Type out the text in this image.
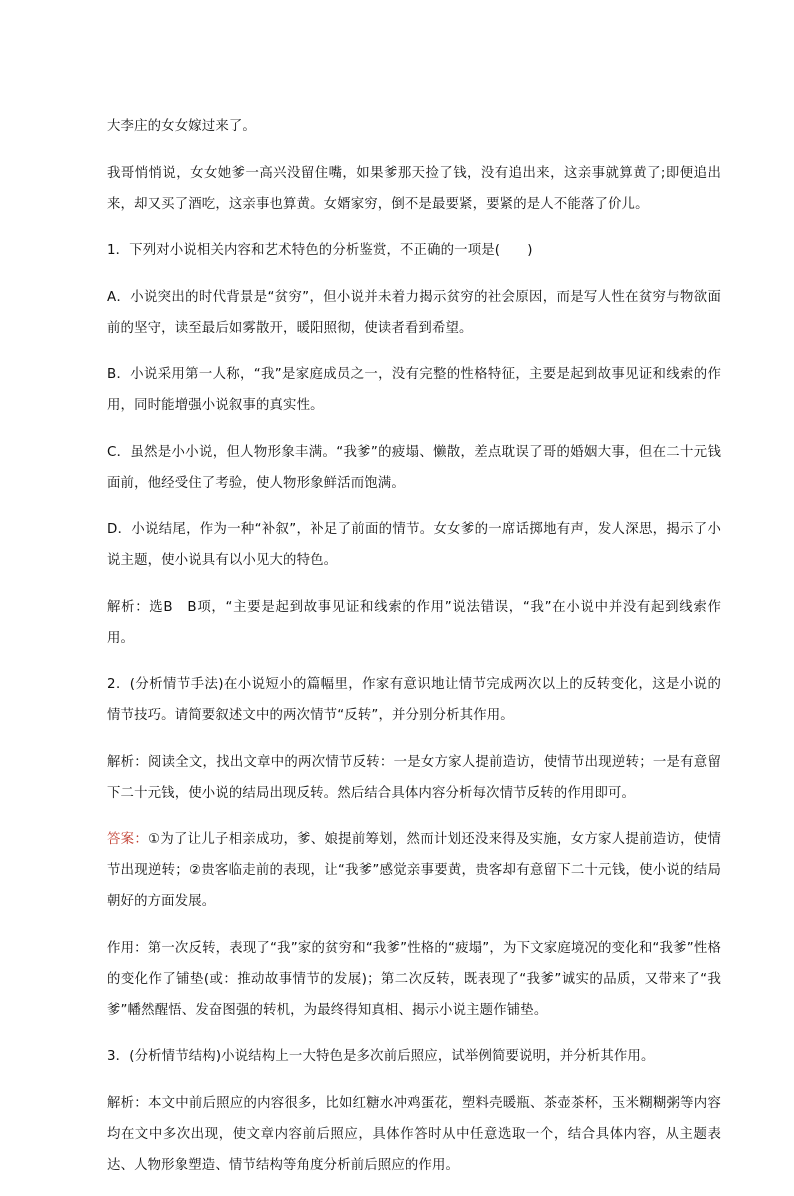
大李庄的女女嫁过来了。

我哥悄悄说，女女她爹一高兴没留住嘴，如果爹那天捡了钱，没有追出来，这亲事就算黄了;即便追出来，却又买了酒吃，这亲事也算黄。女婿家穷，倒不是最要紧，要紧的是人不能落了价儿。

1．下列对小说相关内容和艺术特色的分析鉴赏，不正确的一项是(　　)

A．小说突出的时代背景是“贫穷”，但小说并未着力揭示贫穷的社会原因，而是写人性在贫穷与物欲面前的坚守，读至最后如雾散开，暖阳照彻，使读者看到希望。

B．小说采用第一人称，“我”是家庭成员之一，没有完整的性格特征，主要是起到故事见证和线索的作用，同时能增强小说叙事的真实性。

C．虽然是小小说，但人物形象丰满。“我爹”的疲塌、懒散，差点耽误了哥的婚姻大事，但在二十元钱面前，他经受住了考验，使人物形象鲜活而饱满。

D．小说结尾，作为一种“补叙”，补足了前面的情节。女女爹的一席话掷地有声，发人深思，揭示了小说主题，使小说具有以小见大的特色。

解析：选B　B项，“主要是起到故事见证和线索的作用”说法错误，“我”在小说中并没有起到线索作用。

2．(分析情节手法)在小说短小的篇幅里，作家有意识地让情节完成两次以上的反转变化，这是小说的情节技巧。请简要叙述文中的两次情节“反转”，并分别分析其作用。

解析：阅读全文，找出文章中的两次情节反转：一是女方家人提前造访，使情节出现逆转；一是有意留下二十元钱，使小说的结局出现反转。然后结合具体内容分析每次情节反转的作用即可。

答案：①为了让儿子相亲成功，爹、娘提前筹划，然而计划还没来得及实施，女方家人提前造访，使情节出现逆转；②贵客临走前的表现，让“我爹”感觉亲事要黄，贵客却有意留下二十元钱，使小说的结局朝好的方面发展。

作用：第一次反转，表现了“我”家的贫穷和“我爹”性格的“疲塌”，为下文家庭境况的变化和“我爹”性格的变化作了铺垫(或：推动故事情节的发展)；第二次反转，既表现了“我爹”诚实的品质，又带来了“我爹”幡然醒悟、发奋图强的转机，为最终得知真相、揭示小说主题作铺垫。

3．(分析情节结构)小说结构上一大特色是多次前后照应，试举例简要说明，并分析其作用。

解析：本文中前后照应的内容很多，比如红糖水冲鸡蛋花，塑料壳暖瓶、茶壶茶杯，玉米糊糊粥等内容均在文中多次出现，使文章内容前后照应，具体作答时从中任意选取一个，结合具体内容，从主题表达、人物形象塑造、情节结构等角度分析前后照应的作用。
